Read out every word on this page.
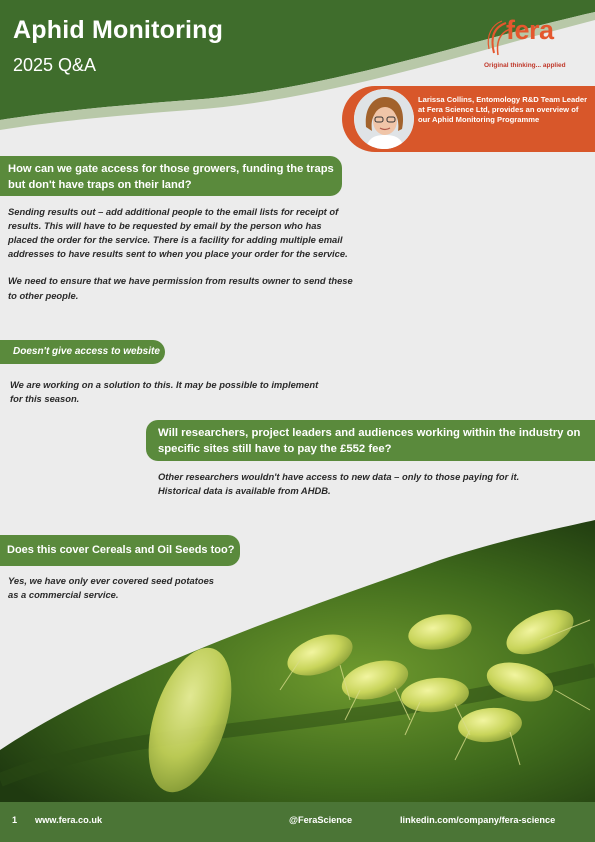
Aphid Monitoring
2025 Q&A
fera
Original thinking... applied
Larissa Collins, Entomology R&D Team Leader at Fera Science Ltd, provides an overview of our Aphid Monitoring Programme
How can we gate access for those growers, funding the traps
but don't have traps on their land?

Sending results out – add additional people to the email lists for receipt of results. This will have to be requested by email by the person who has placed the order for the service. There is a facility for adding multiple email addresses to have results sent to when you place your order for the service.

We need to ensure that we have permission from results owner to send these to other people.

Doesn't give access to website
We are working on a solution to this. It may be possible to implement
for this season.
Will researchers, project leaders and audiences working within the industry on
specific sites still have to pay the £552 fee?
Other researchers wouldn't have access to new data – only to those paying for it.
Historical data is available from AHDB.
Does this cover Cereals and Oil Seeds too?
Yes, we have only ever covered seed potatoes
as a commercial service.
1 www.fera.co.uk	@FeraScience	linkedin.com/company/fera-science
